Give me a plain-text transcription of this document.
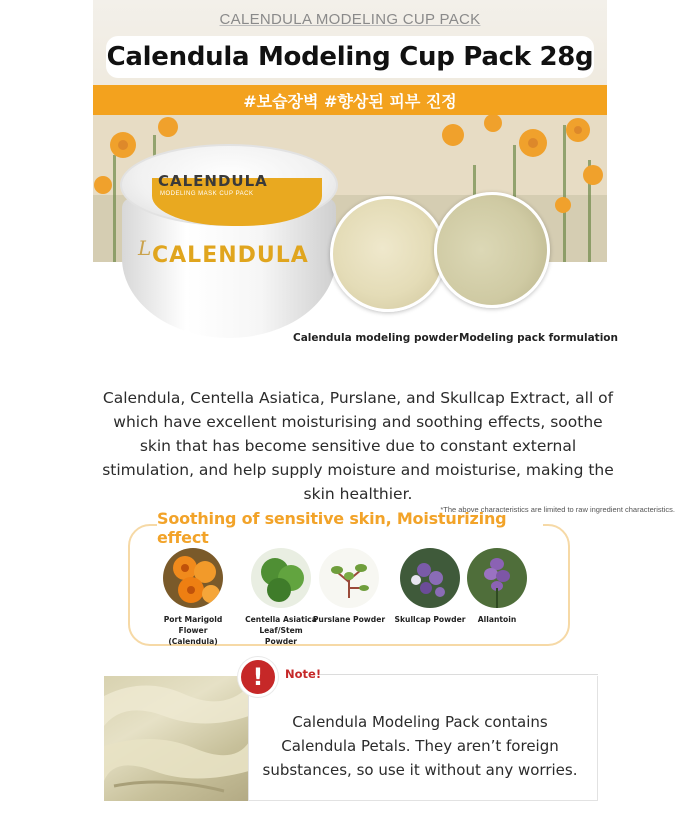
CALENDULA MODELING CUP PACK
Calendula Modeling Cup Pack 28g
#보습장벽 #향상된 피부 진정
CALENDULA
MODELING MASK CUP PACK
L CALENDULA
Calendula modeling powder Modeling pack formulation
Calendula, Centella Asiatica, Purslane, and Skullcap Extract, all of which have excellent moisturising and soothing effects, soothe skin that has become sensitive due to constant external stimulation, and help supply moisture and moisturise, making the skin healthier.
*The above characteristics are limited to raw ingredient characteristics.
Soothing of sensitive skin, Moisturizing effect
Port Marigold Flower (Calendula)
Centella Asiatica Leaf/Stem Powder
Purslane Powder	Skullcap Powder	Allantoin
! Note!
Calendula Modeling Pack contains Calendula Petals. They aren’t foreign substances, so use it without any worries.
